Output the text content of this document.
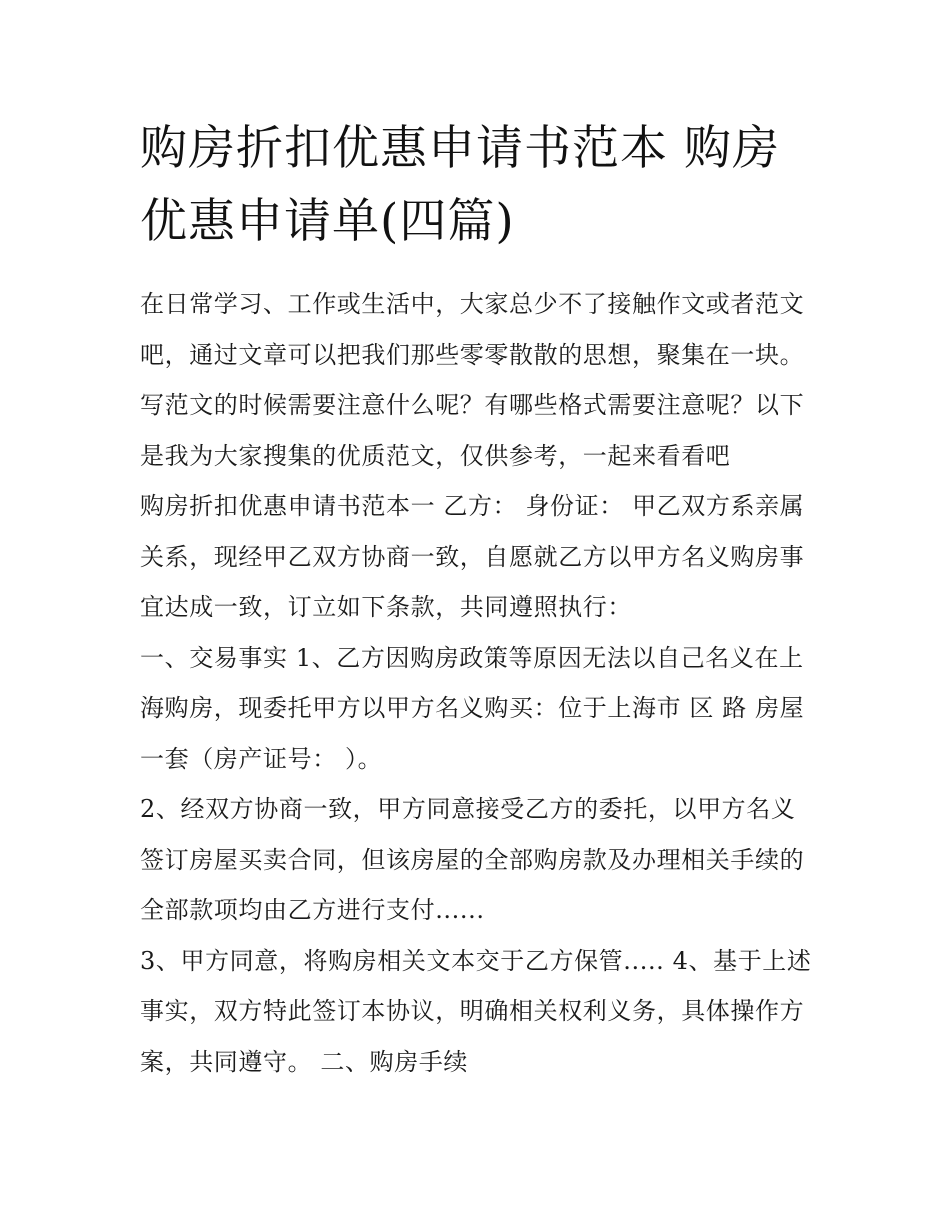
购房折扣优惠申请书范本 购房优惠申请单(四篇)

在日常学习、工作或生活中，大家总少不了接触作文或者范文吧，通过文章可以把我们那些零零散散的思想，聚集在一块。写范文的时候需要注意什么呢？有哪些格式需要注意呢？以下是我为大家搜集的优质范文，仅供参考，一起来看看吧

购房折扣优惠申请书范本一 乙方： 身份证： 甲乙双方系亲属关系，现经甲乙双方协商一致，自愿就乙方以甲方名义购房事宜达成一致，订立如下条款，共同遵照执行：

一、交易事实 1、乙方因购房政策等原因无法以自己名义在上海购房，现委托甲方以甲方名义购买：位于上海市 区 路 房屋一套（房产证号： ）。

2、经双方协商一致，甲方同意接受乙方的委托，以甲方名义签订房屋买卖合同，但该房屋的全部购房款及办理相关手续的全部款项均由乙方进行支付......

3、甲方同意，将购房相关文本交于乙方保管..... 4、基于上述事实，双方特此签订本协议，明确相关权利义务，具体操作方案，共同遵守。 二、购房手续
